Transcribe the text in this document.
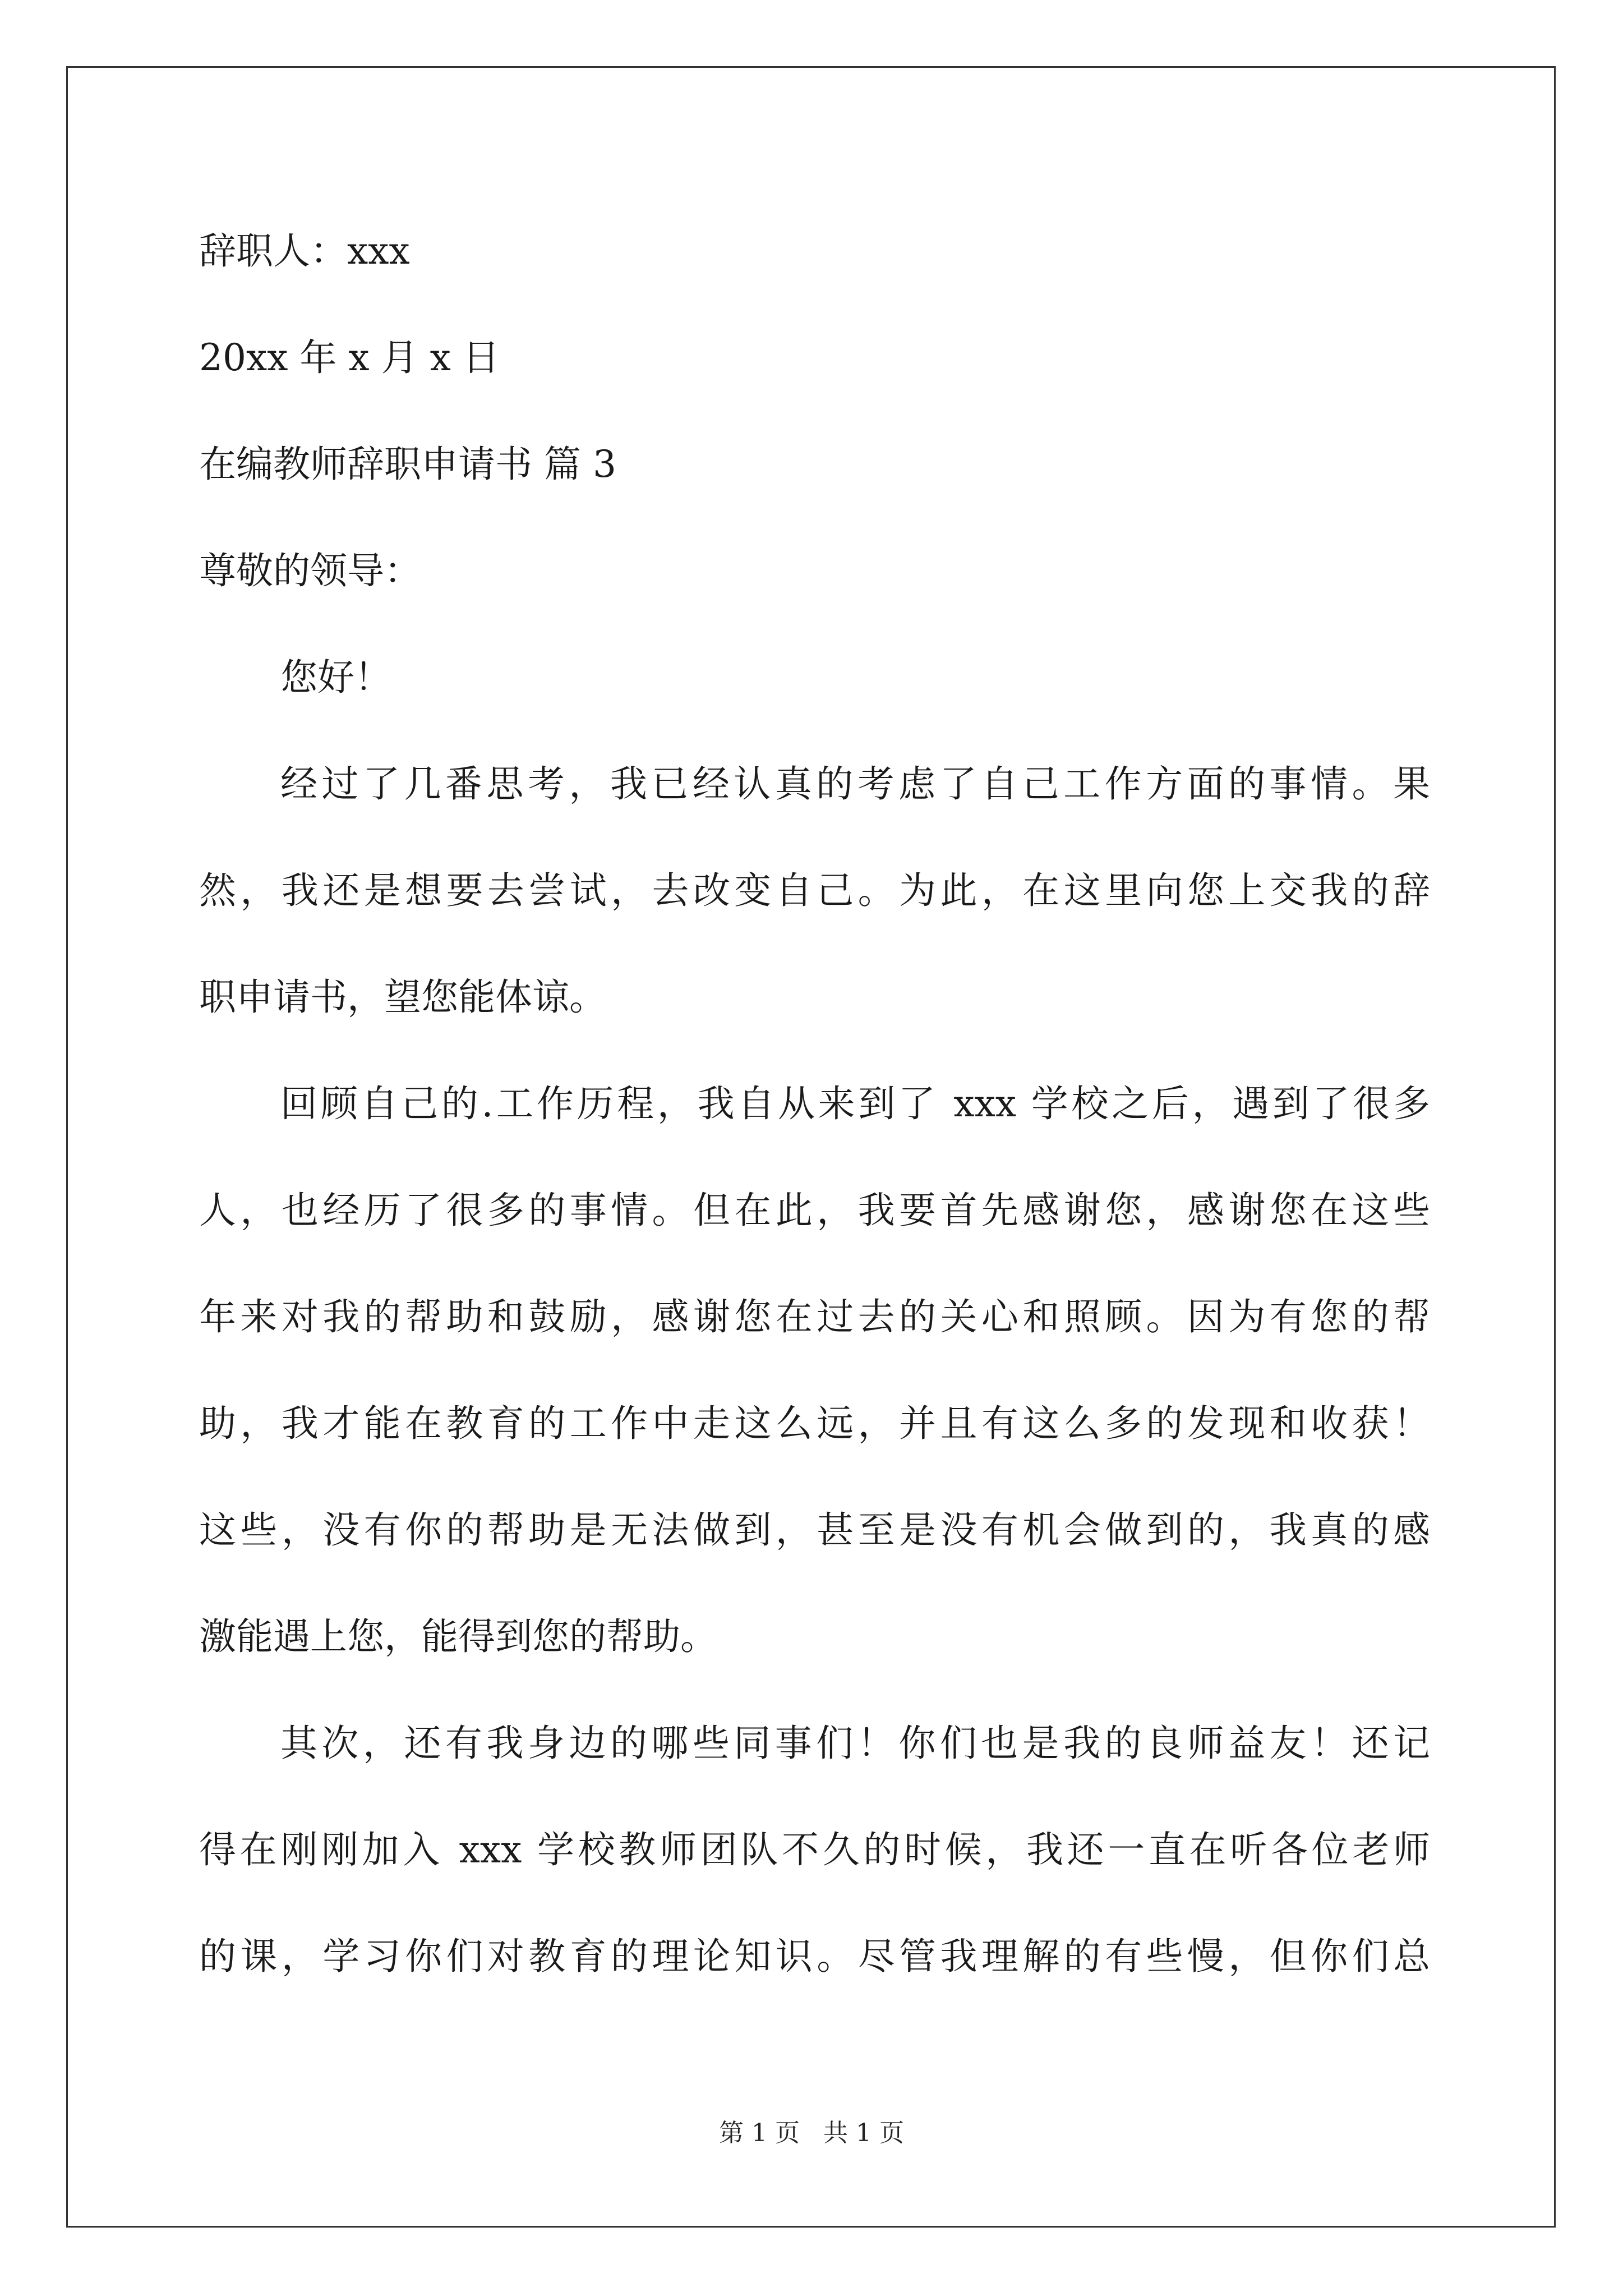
辞职人：xxx
20xx 年 x 月 x 日
在编教师辞职申请书 篇 3
尊敬的领导：
您好！
经过了几番思考，我已经认真的考虑了自己工作方面的事情。果
然，我还是想要去尝试，去改变自己。为此，在这里向您上交我的辞
职申请书，望您能体谅。
回顾自己的.工作历程，我自从来到了 xxx 学校之后，遇到了很多
人，也经历了很多的事情。但在此，我要首先感谢您，感谢您在这些
年来对我的帮助和鼓励，感谢您在过去的关心和照顾。因为有您的帮
助，我才能在教育的工作中走这么远，并且有这么多的发现和收获！
这些，没有你的帮助是无法做到，甚至是没有机会做到的，我真的感
激能遇上您，能得到您的帮助。
其次，还有我身边的哪些同事们！你们也是我的良师益友！还记
得在刚刚加入 xxx 学校教师团队不久的时候，我还一直在听各位老师
的课，学习你们对教育的理论知识。尽管我理解的有些慢，但你们总
第 1 页 共 1 页
